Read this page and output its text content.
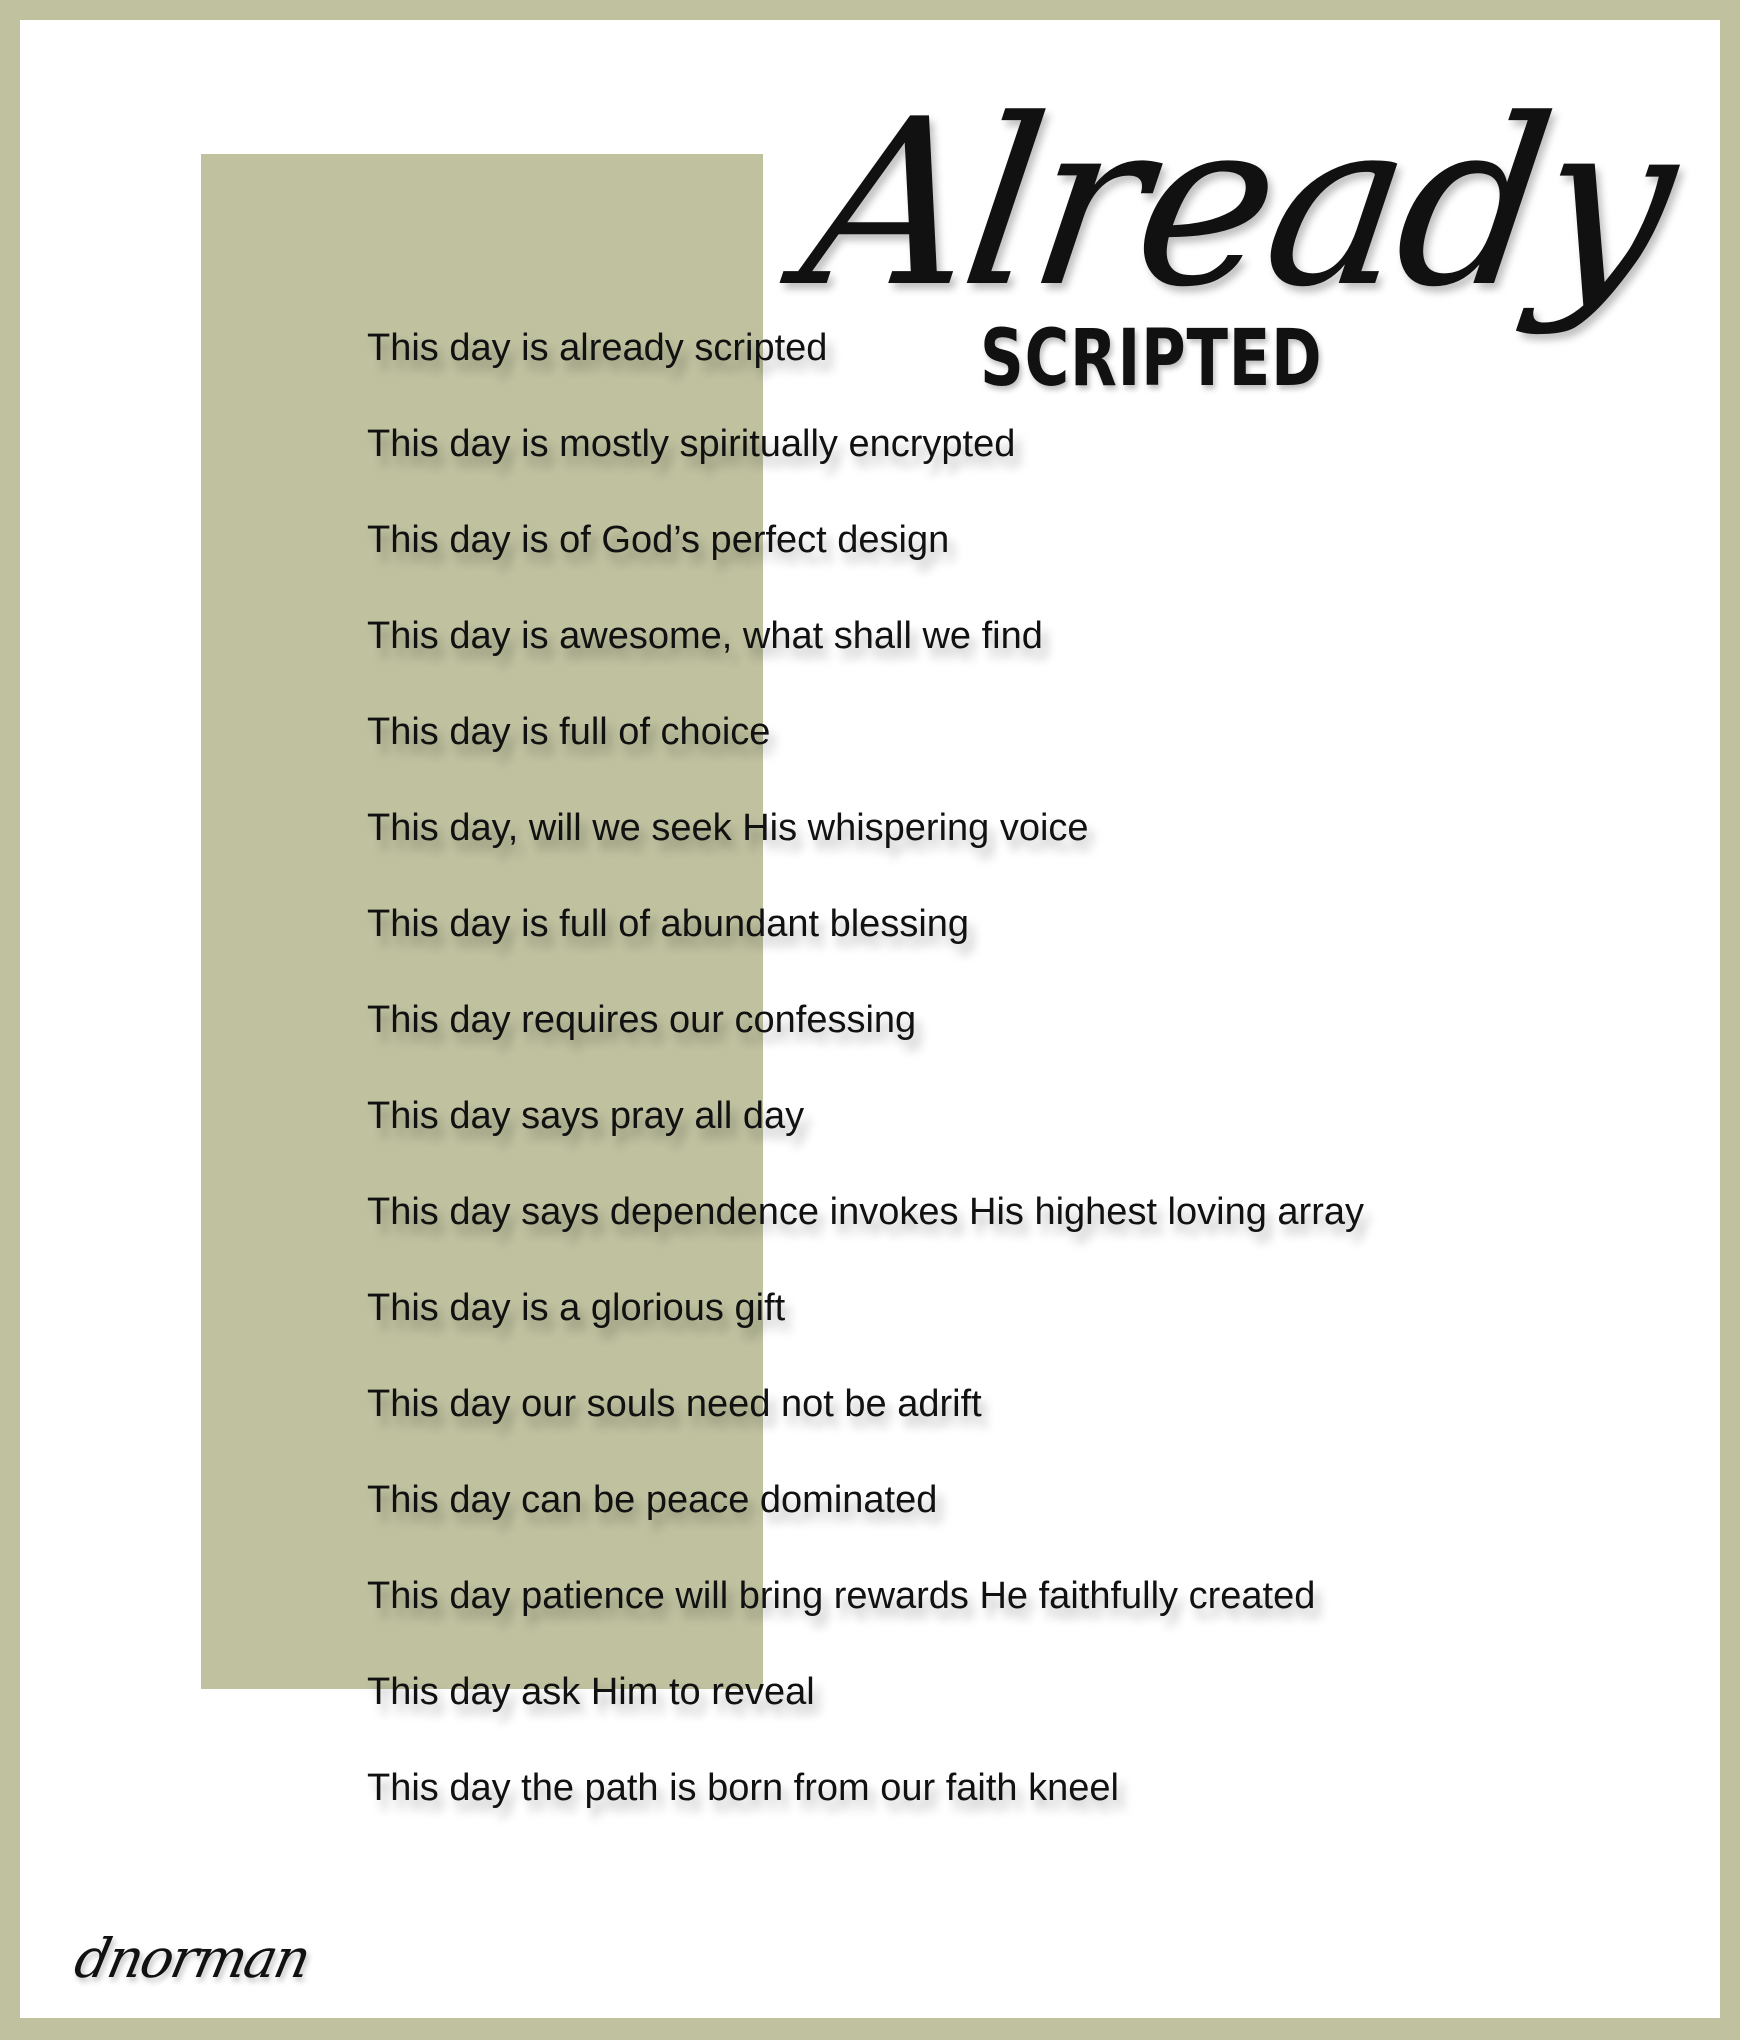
Already
SCRIPTED
This day is already scripted
This day is mostly spiritually encrypted
This day is of God’s perfect design
This day is awesome, what shall we find
This day is full of choice
This day, will we seek His whispering voice
This day is full of abundant blessing
This day requires our confessing
This day says pray all day
This day says dependence invokes His highest loving array
This day is a glorious gift
This day our souls need not be adrift
This day can be peace dominated
This day patience will bring rewards He faithfully created
This day ask Him to reveal
This day the path is born from our faith kneel
dnorman
